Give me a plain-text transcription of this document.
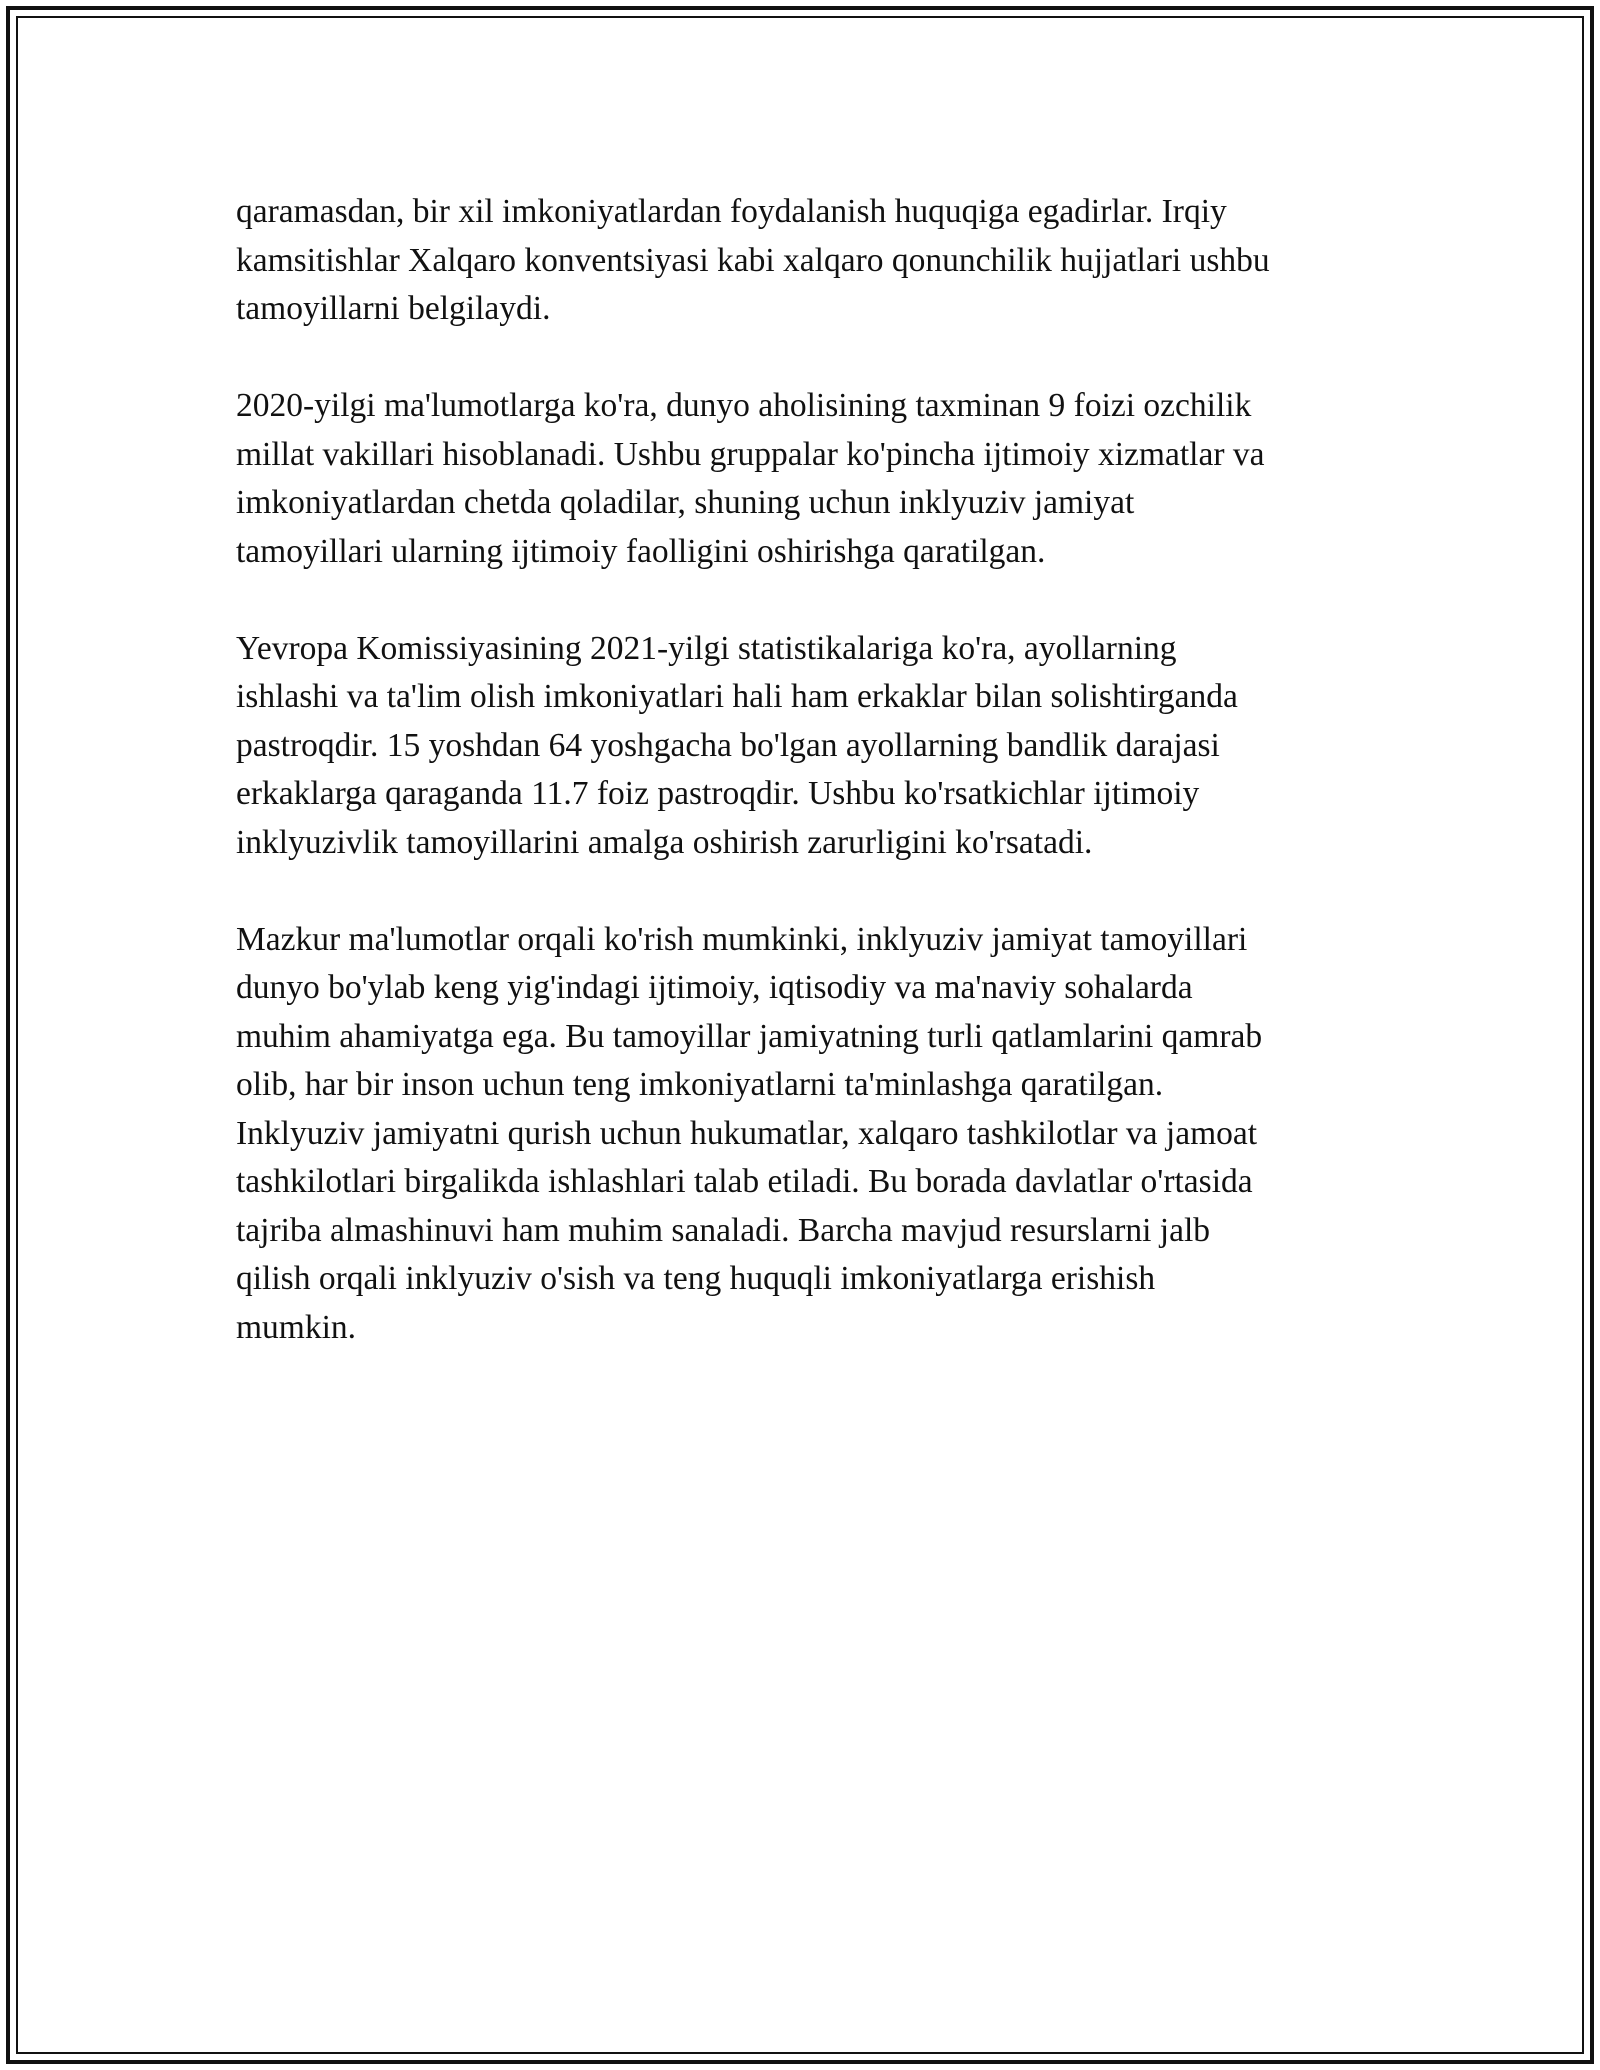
qaramasdan, bir xil imkoniyatlardan foydalanish huquqiga egadirlar. Irqiy
kamsitishlar Xalqaro konventsiyasi kabi xalqaro qonunchilik hujjatlari ushbu
tamoyillarni belgilaydi.

2020-yilgi ma'lumotlarga ko'ra, dunyo aholisining taxminan 9 foizi ozchilik
millat vakillari hisoblanadi. Ushbu gruppalar ko'pincha ijtimoiy xizmatlar va
imkoniyatlardan chetda qoladilar, shuning uchun inklyuziv jamiyat
tamoyillari ularning ijtimoiy faolligini oshirishga qaratilgan.

Yevropa Komissiyasining 2021-yilgi statistikalariga ko'ra, ayollarning
ishlashi va ta'lim olish imkoniyatlari hali ham erkaklar bilan solishtirganda
pastroqdir. 15 yoshdan 64 yoshgacha bo'lgan ayollarning bandlik darajasi
erkaklarga qaraganda 11.7 foiz pastroqdir. Ushbu ko'rsatkichlar ijtimoiy
inklyuzivlik tamoyillarini amalga oshirish zarurligini ko'rsatadi.

Mazkur ma'lumotlar orqali ko'rish mumkinki, inklyuziv jamiyat tamoyillari
dunyo bo'ylab keng yig'indagi ijtimoiy, iqtisodiy va ma'naviy sohalarda
muhim ahamiyatga ega. Bu tamoyillar jamiyatning turli qatlamlarini qamrab
olib, har bir inson uchun teng imkoniyatlarni ta'minlashga qaratilgan.
Inklyuziv jamiyatni qurish uchun hukumatlar, xalqaro tashkilotlar va jamoat
tashkilotlari birgalikda ishlashlari talab etiladi. Bu borada davlatlar o'rtasida
tajriba almashinuvi ham muhim sanaladi. Barcha mavjud resurslarni jalb
qilish orqali inklyuziv o'sish va teng huquqli imkoniyatlarga erishish
mumkin.
